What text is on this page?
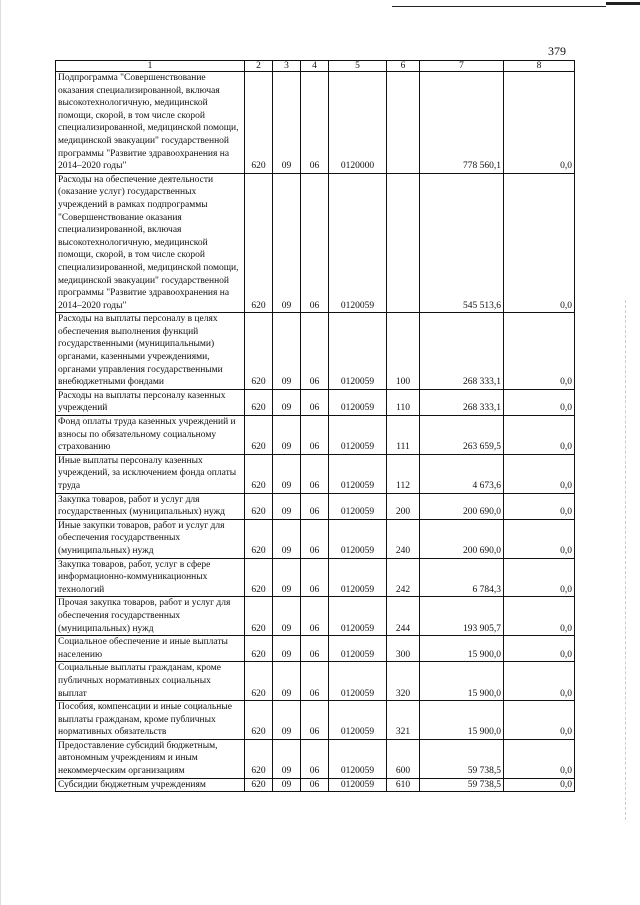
379
1	2	3	4	5	6	7	8
Подпрограмма "Совершенствование оказания специализированной, включая высокотехнологичную, медицинской помощи, скорой, в том числе скорой специализированной, медицинской помощи, медицинской эвакуации" государственной программы "Развитие здравоохранения на 2014–2020 годы"	620	09	06	0120000		778 560,1	0,0
Расходы на обеспечение деятельности (оказание услуг) государственных учреждений в рамках подпрограммы "Совершенствование оказания специализированной, включая высокотехнологичную, медицинской помощи, скорой, в том числе скорой специализированной, медицинской помощи, медицинской эвакуации" государственной программы "Развитие здравоохранения на 2014–2020 годы"	620	09	06	0120059		545 513,6	0,0
Расходы на выплаты персоналу в целях обеспечения выполнения функций государственными (муниципальными) органами, казенными учреждениями, органами управления государственными внебюджетными фондами	620	09	06	0120059	100	268 333,1	0,0
Расходы на выплаты персоналу казенных учреждений	620	09	06	0120059	110	268 333,1	0,0
Фонд оплаты труда казенных учреждений и взносы по обязательному социальному страхованию	620	09	06	0120059	111	263 659,5	0,0
Иные выплаты персоналу казенных учреждений, за исключением фонда оплаты труда	620	09	06	0120059	112	4 673,6	0,0
Закупка товаров, работ и услуг для государственных (муниципальных) нужд	620	09	06	0120059	200	200 690,0	0,0
Иные закупки товаров, работ и услуг для обеспечения государственных (муниципальных) нужд	620	09	06	0120059	240	200 690,0	0,0
Закупка товаров, работ, услуг в сфере информационно-коммуникационных технологий	620	09	06	0120059	242	6 784,3	0,0
Прочая закупка товаров, работ и услуг для обеспечения государственных (муниципальных) нужд	620	09	06	0120059	244	193 905,7	0,0
Социальное обеспечение и иные выплаты населению	620	09	06	0120059	300	15 900,0	0,0
Социальные выплаты гражданам, кроме публичных нормативных социальных выплат	620	09	06	0120059	320	15 900,0	0,0
Пособия, компенсации и иные социальные выплаты гражданам, кроме публичных нормативных обязательств	620	09	06	0120059	321	15 900,0	0,0
Предоставление субсидий бюджетным, автономным учреждениям и иным некоммерческим организациям	620	09	06	0120059	600	59 738,5	0,0
Субсидии бюджетным учреждениям	620	09	06	0120059	610	59 738,5	0,0
